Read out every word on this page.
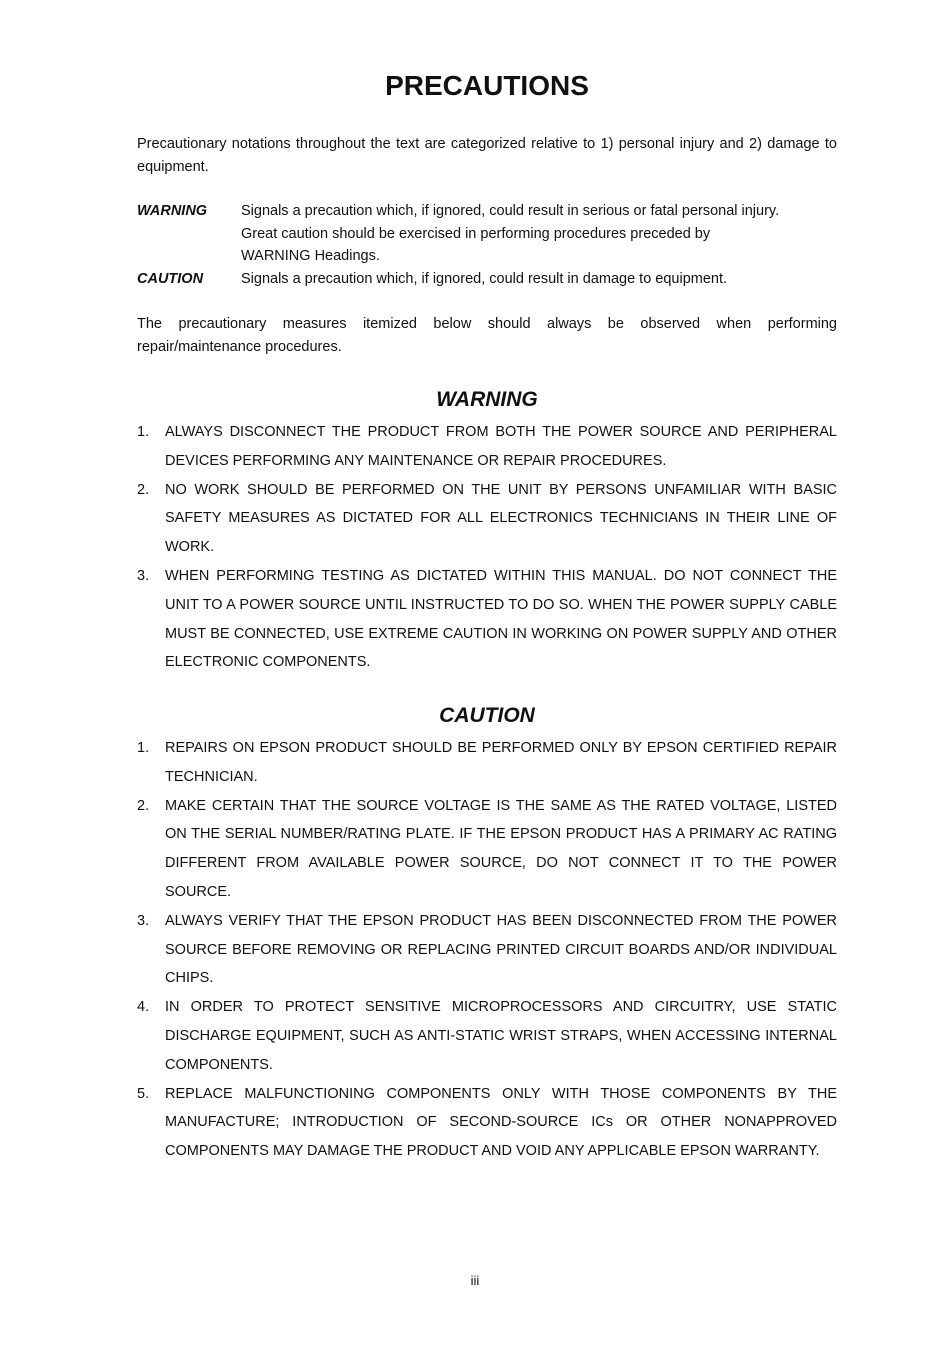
PRECAUTIONS

Precautionary notations throughout the text are categorized relative to 1) personal injury and 2) damage to equipment.

WARNING	Signals a precaution which, if ignored, could result in serious or fatal personal injury.
Great caution should be exercised in performing procedures preceded by
WARNING Headings.
CAUTION	Signals a precaution which, if ignored, could result in damage to equipment.

The precautionary measures itemized below should always be observed when performing repair/maintenance procedures.

WARNING
1.	ALWAYS DISCONNECT THE PRODUCT FROM BOTH THE POWER SOURCE AND PERIPHERAL DEVICES PERFORMING ANY MAINTENANCE OR REPAIR PROCEDURES.
2.	NO WORK SHOULD BE PERFORMED ON THE UNIT BY PERSONS UNFAMILIAR WITH BASIC SAFETY MEASURES AS DICTATED FOR ALL ELECTRONICS TECHNICIANS IN THEIR LINE OF WORK.
3.	WHEN PERFORMING TESTING AS DICTATED WITHIN THIS MANUAL. DO NOT CONNECT THE UNIT TO A POWER SOURCE UNTIL INSTRUCTED TO DO SO. WHEN THE POWER SUPPLY CABLE MUST BE CONNECTED, USE EXTREME CAUTION IN WORKING ON POWER SUPPLY AND OTHER ELECTRONIC COMPONENTS.
CAUTION
1.	REPAIRS ON EPSON PRODUCT SHOULD BE PERFORMED ONLY BY EPSON CERTIFIED REPAIR TECHNICIAN.
2.	MAKE CERTAIN THAT THE SOURCE VOLTAGE IS THE SAME AS THE RATED VOLTAGE, LISTED ON THE SERIAL NUMBER/RATING PLATE. IF THE EPSON PRODUCT HAS A PRIMARY AC RATING DIFFERENT FROM AVAILABLE POWER SOURCE, DO NOT CONNECT IT TO THE POWER SOURCE.
3.	ALWAYS VERIFY THAT THE EPSON PRODUCT HAS BEEN DISCONNECTED FROM THE POWER SOURCE BEFORE REMOVING OR REPLACING PRINTED CIRCUIT BOARDS AND/OR INDIVIDUAL CHIPS.
4.	IN ORDER TO PROTECT SENSITIVE MICROPROCESSORS AND CIRCUITRY, USE STATIC DISCHARGE EQUIPMENT, SUCH AS ANTI-STATIC WRIST STRAPS, WHEN ACCESSING INTERNAL COMPONENTS.
5.	REPLACE MALFUNCTIONING COMPONENTS ONLY WITH THOSE COMPONENTS BY THE MANUFACTURE; INTRODUCTION OF SECOND-SOURCE ICs OR OTHER NONAPPROVED COMPONENTS MAY DAMAGE THE PRODUCT AND VOID ANY APPLICABLE EPSON WARRANTY.
iii
